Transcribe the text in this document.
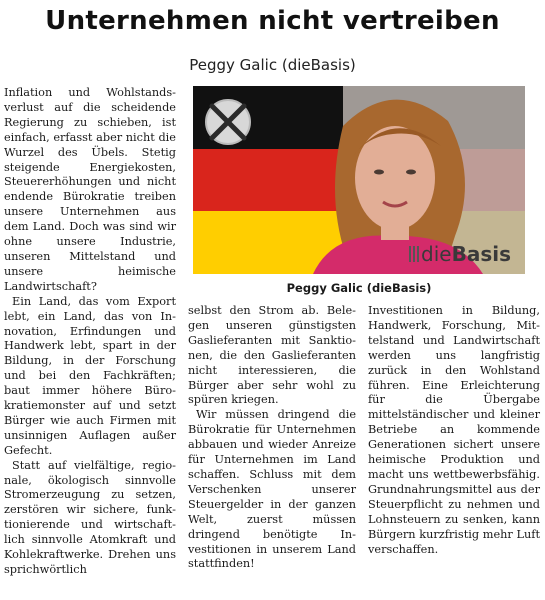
Unternehmen nicht vertreiben
Peggy Galic (dieBasis)

Inflation und Wohlstandsverlust auf die scheidende Regierung zu schieben, ist einfach, erfasst aber nicht die Wurzel des Übels. Stetig steigende Energiekosten, Steuererhöhungen und nicht endende Bürokratie treiben unsere Unternehmen aus dem Land. Doch was sind wir ohne unsere Industrie, unseren Mittelstand und unsere heimische Landwirtschaft?

Ein Land, das vom Export lebt, ein Land, das von Innovation, Erfindungen und Handwerk lebt, spart in der Bildung, in der Forschung und bei den Fachkräften; baut immer höhere Bürokratiemonster auf und setzt Bürger wie auch Firmen mit unsinnigen Auflagen außer Gefecht.

Statt auf vielfältige, regionale, ökologisch sinnvolle Stromerzeugung zu setzen, zerstören wir sichere, funktionierende und wirtschaftlich sinnvolle Atomkraft und Kohlekraftwerke. Drehen uns sprichwörtlich

dieBasis
Peggy Galic (dieBasis)

selbst den Strom ab. Belegen unseren günstigsten Gaslieferanten mit Sanktionen, die den Gaslieferanten nicht interessieren, die Bürger aber sehr wohl zu spüren kriegen.

Wir müssen dringend die Bürokratie für Unternehmen abbauen und wieder Anreize für Unternehmen im Land schaffen. Schluss mit dem Verschenken unserer Steuergelder in der ganzen Welt, zuerst müssen dringend benötigte Investitionen in unserem Land stattfinden!

Investitionen in Bildung, Handwerk, Forschung, Mittelstand und Landwirtschaft werden uns langfristig zurück in den Wohlstand führen. Eine Erleichterung für die Übergabe mittelständischer und kleiner Betriebe an kommende Generationen sichert unsere heimische Produktion und macht uns wettbewerbsfähig. Grundnahrungsmittel aus der Steuerpflicht zu nehmen und Lohnsteuern zu senken, kann Bürgern kurzfristig mehr Luft verschaffen.
